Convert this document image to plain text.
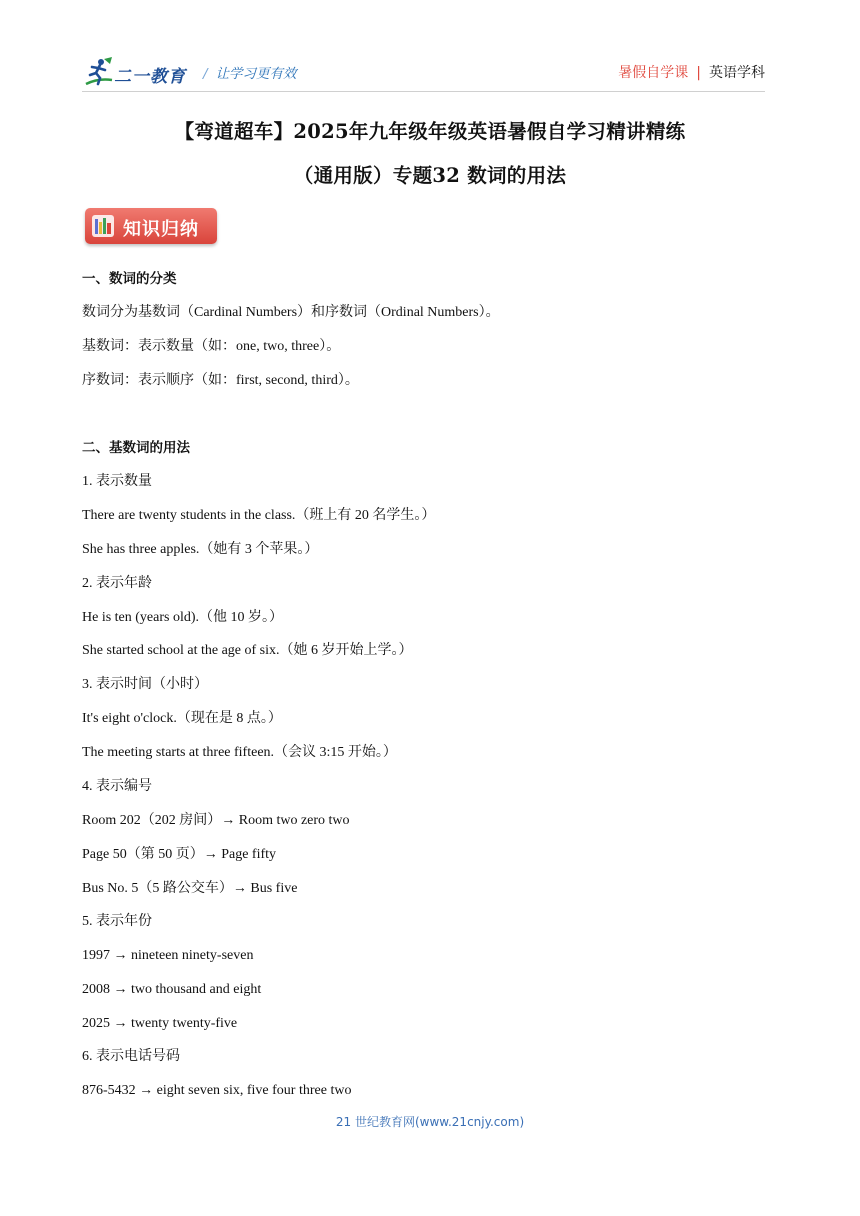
二一教育 / 让学习更有效	暑假自学课 | 英语学科
【弯道超车】2025年九年级年级英语暑假自学习精讲精练
（通用版）专题32 数词的用法
知识归纳
一、数词的分类
数词分为基数词（Cardinal Numbers）和序数词（Ordinal Numbers）。
基数词：表示数量（如：one, two, three）。
序数词：表示顺序（如：first, second, third）。
二、基数词的用法
1. 表示数量
There are twenty students in the class.（班上有 20 名学生。）
She has three apples.（她有 3 个苹果。）
2. 表示年龄
He is ten (years old).（他 10 岁。）
She started school at the age of six.（她 6 岁开始上学。）
3. 表示时间（小时）
It's eight o'clock.（现在是 8 点。）
The meeting starts at three fifteen.（会议 3:15 开始。）
4. 表示编号
Room 202（202 房间）→ Room two zero two
Page 50（第 50 页）→ Page fifty
Bus No. 5（5 路公交车）→ Bus five
5. 表示年份
1997 → nineteen ninety-seven
2008 → two thousand and eight
2025 → twenty twenty-five
6. 表示电话号码
876-5432 → eight seven six, five four three two
21 世纪教育网(www.21cnjy.com)
